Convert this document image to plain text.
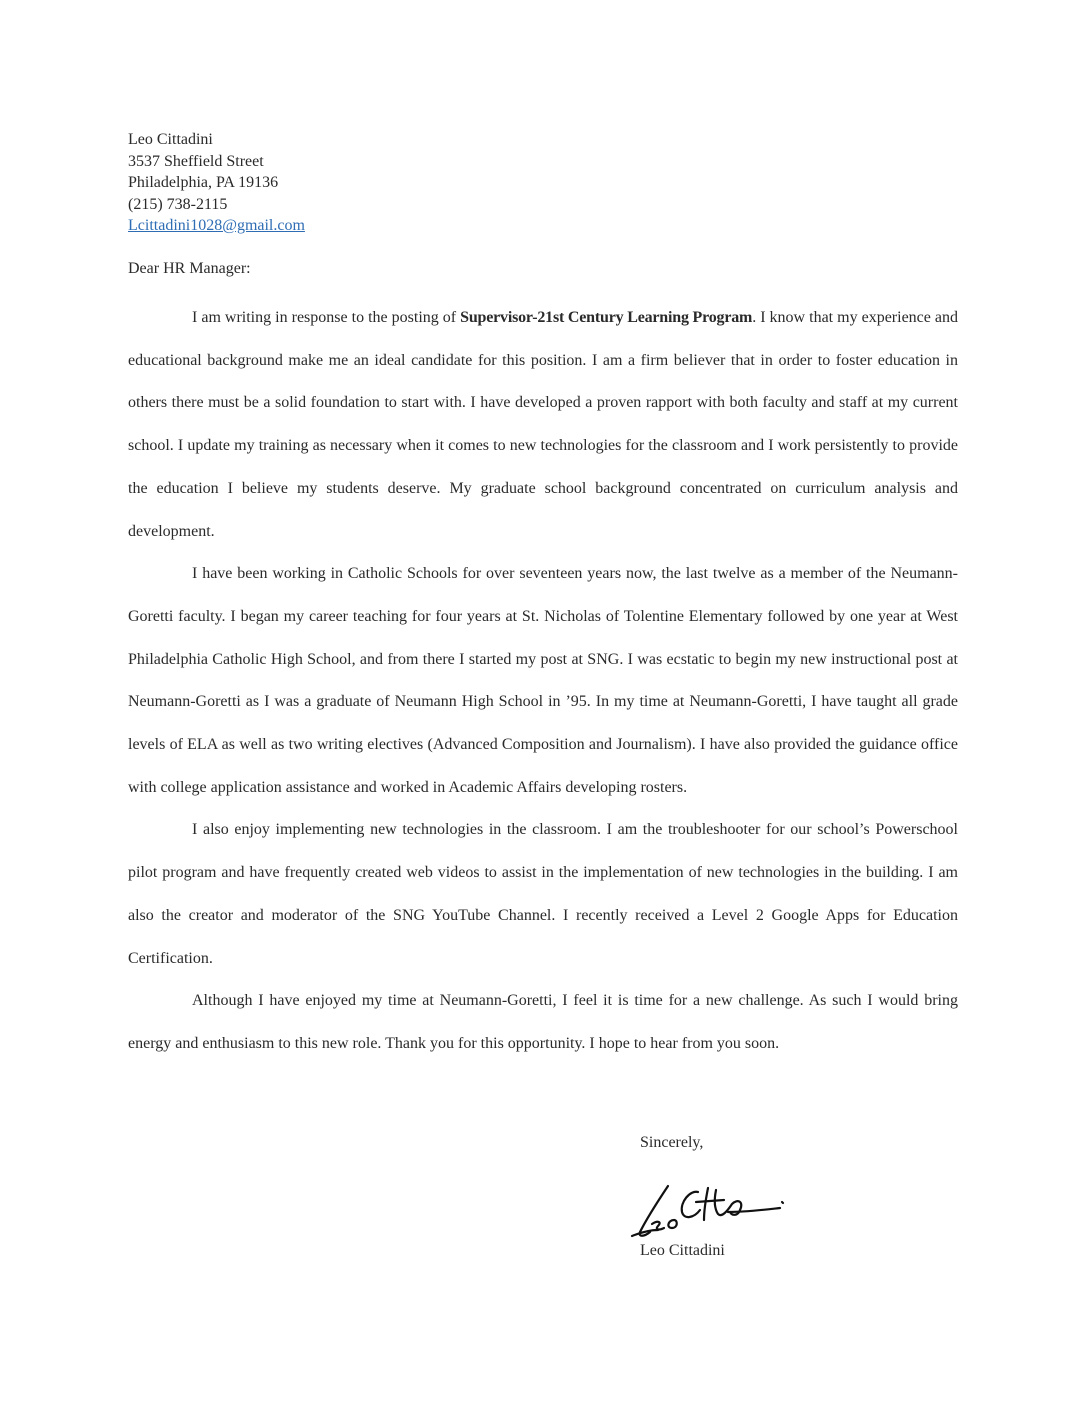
Leo Cittadini
3537 Sheffield Street
Philadelphia, PA 19136
(215) 738-2115
Lcittadini1028@gmail.com
Dear HR Manager:

I am writing in response to the posting of Supervisor-21st Century Learning Program. I know that my experience and educational background make me an ideal candidate for this position. I am a firm believer that in order to foster education in others there must be a solid foundation to start with. I have developed a proven rapport with both faculty and staff at my current school. I update my training as necessary when it comes to new technologies for the classroom and I work persistently to provide the education I believe my students deserve. My graduate school background concentrated on curriculum analysis and development.

I have been working in Catholic Schools for over seventeen years now, the last twelve as a member of the Neumann-Goretti faculty. I began my career teaching for four years at St. Nicholas of Tolentine Elementary followed by one year at West Philadelphia Catholic High School, and from there I started my post at SNG. I was ecstatic to begin my new instructional post at Neumann-Goretti as I was a graduate of Neumann High School in ’95. In my time at Neumann-Goretti, I have taught all grade levels of ELA as well as two writing electives (Advanced Composition and Journalism). I have also provided the guidance office with college application assistance and worked in Academic Affairs developing rosters.

I also enjoy implementing new technologies in the classroom. I am the troubleshooter for our school’s Powerschool pilot program and have frequently created web videos to assist in the implementation of new technologies in the building. I am also the creator and moderator of the SNG YouTube Channel. I recently received a Level 2 Google Apps for Education Certification.

Although I have enjoyed my time at Neumann-Goretti, I feel it is time for a new challenge. As such I would bring energy and enthusiasm to this new role. Thank you for this opportunity. I hope to hear from you soon.

Sincerely,
Leo Cittadini
